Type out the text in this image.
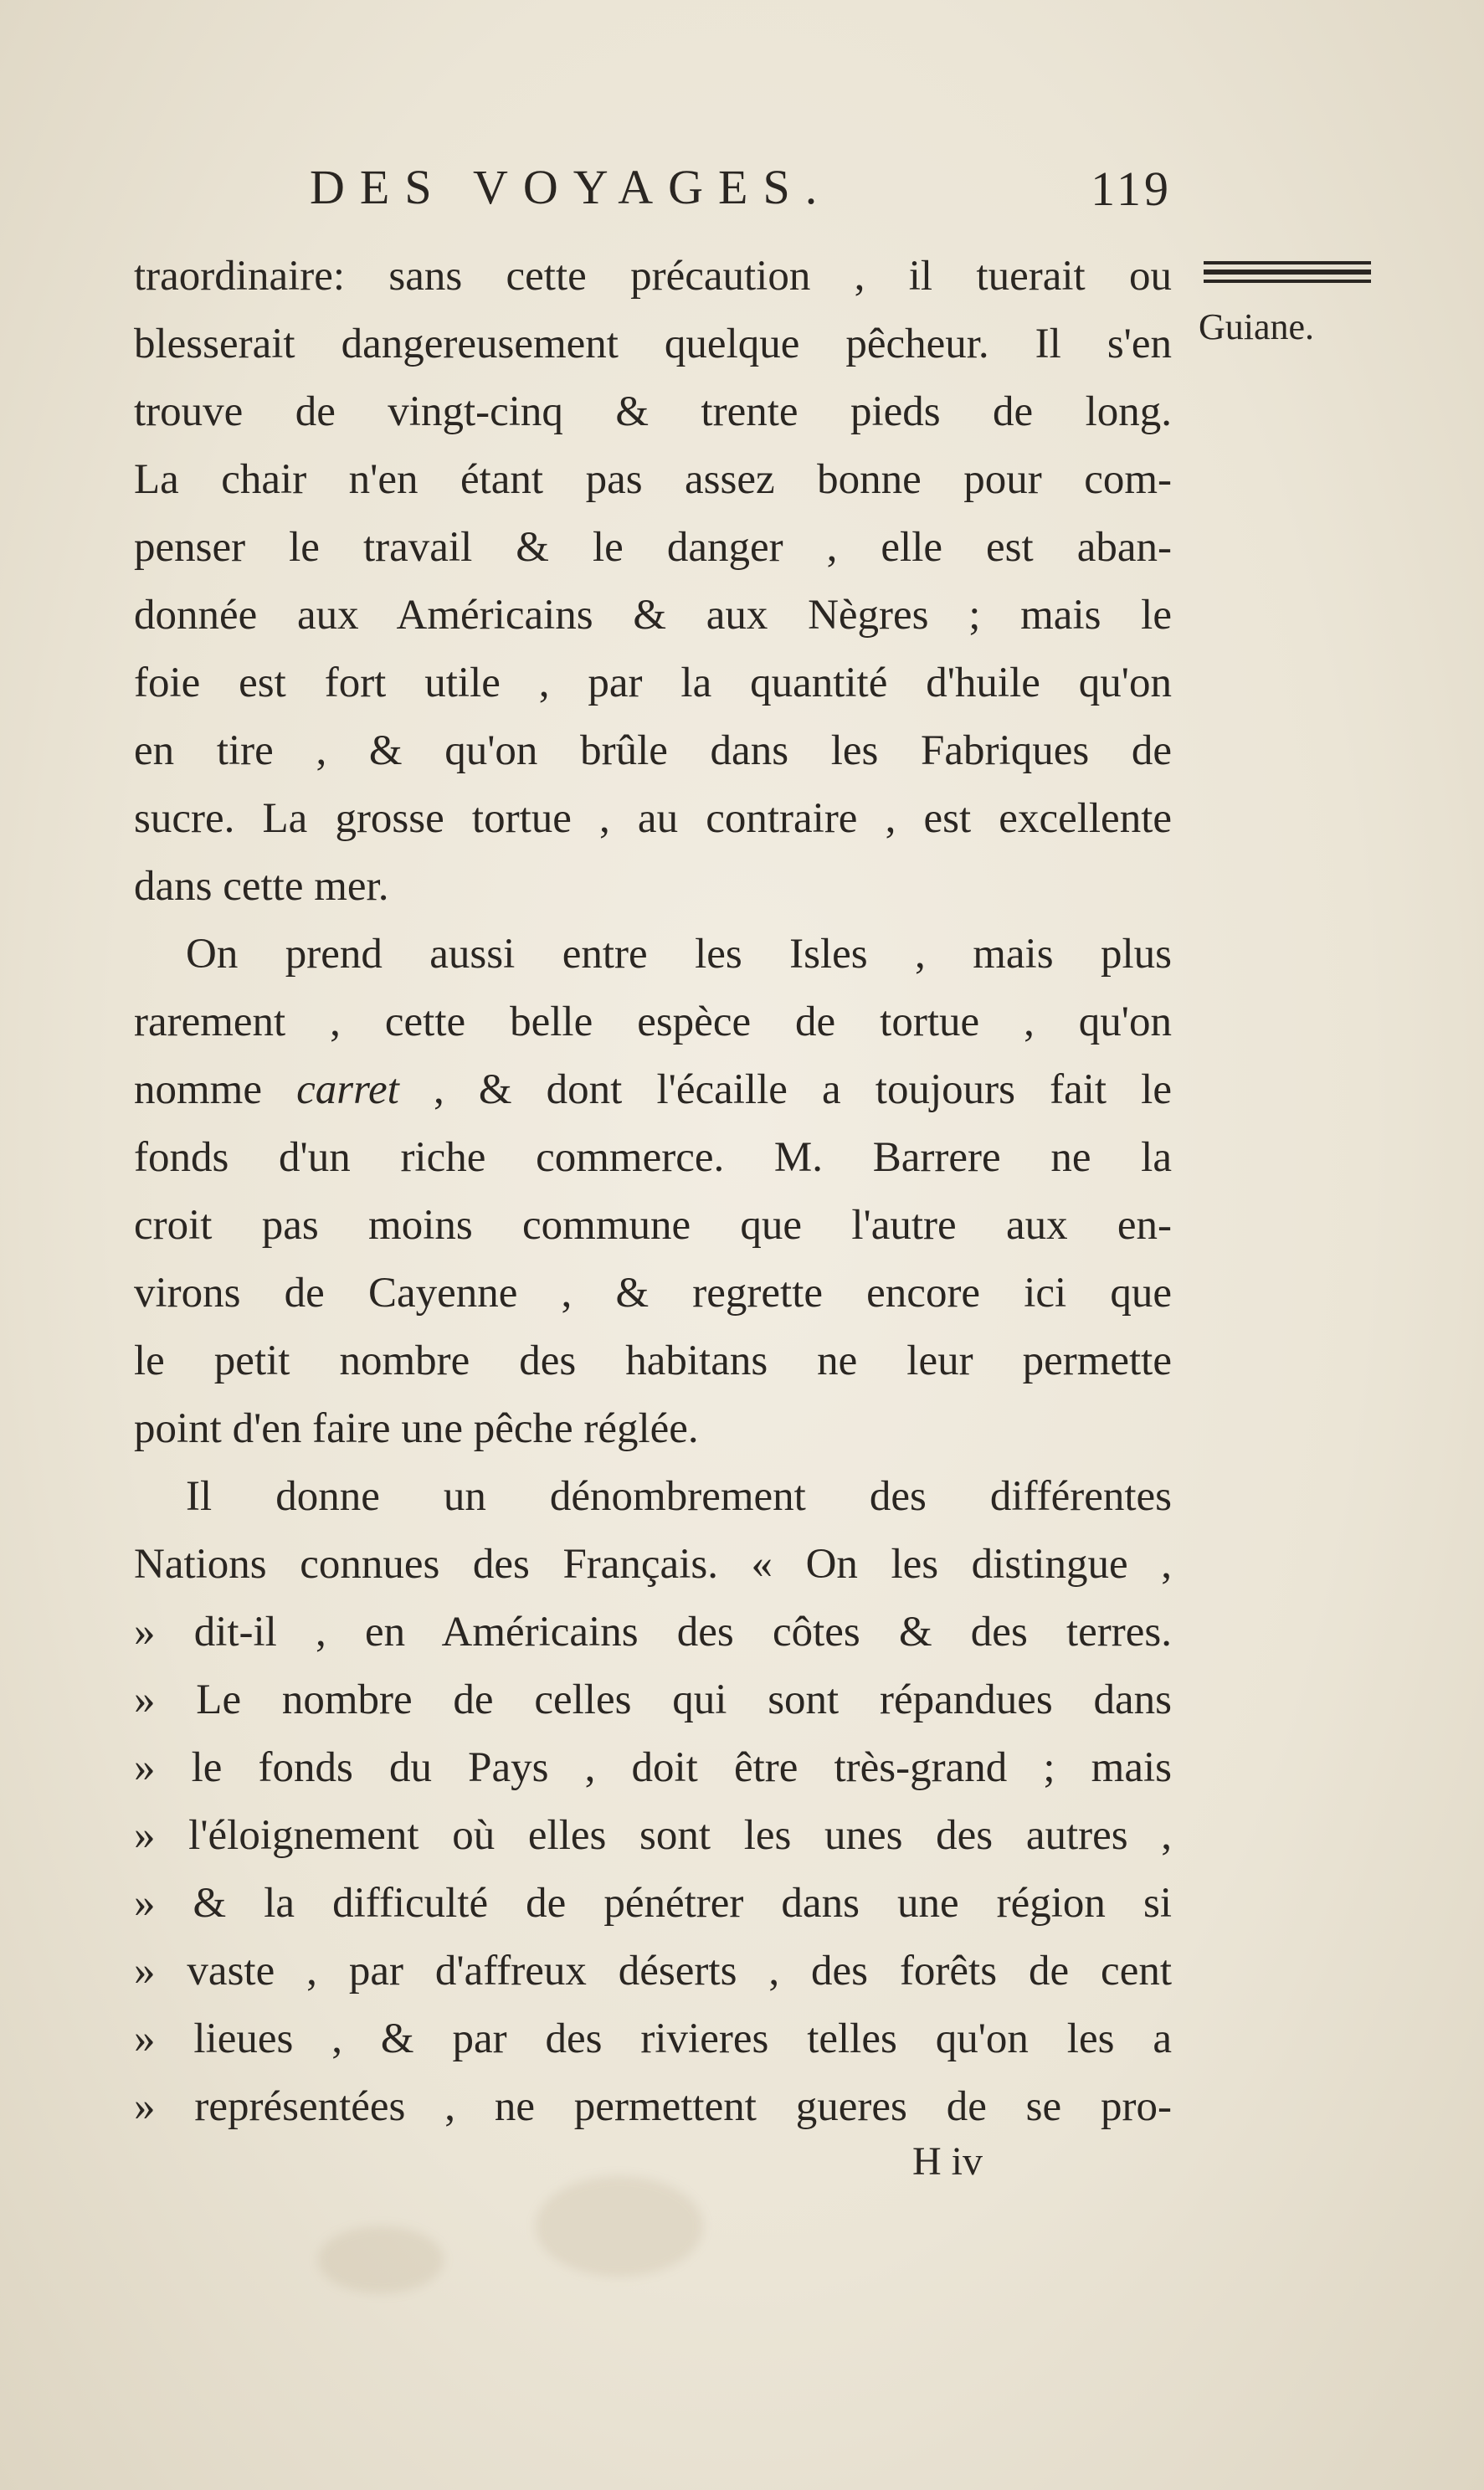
DES VOYAGES.	119
Guiane.
traordinaire: sans cette précaution , il tuerait ou
blesserait dangereusement quelque pêcheur. Il s'en
trouve de vingt-cinq & trente pieds de long.
La chair n'en étant pas assez bonne pour com-
penser le travail & le danger , elle est aban-
donnée aux Américains & aux Nègres ; mais le
foie est fort utile , par la quantité d'huile qu'on
en tire , & qu'on brûle dans les Fabriques de
sucre. La grosse tortue , au contraire , est excellente
dans cette mer.
On prend aussi entre les Isles , mais plus
rarement , cette belle espèce de tortue , qu'on
nomme carret , & dont l'écaille a toujours fait le
fonds d'un riche commerce. M. Barrere ne la
croit pas moins commune que l'autre aux en-
virons de Cayenne , & regrette encore ici que
le petit nombre des habitans ne leur permette
point d'en faire une pêche réglée.
Il donne un dénombrement des différentes
Nations connues des Français. « On les distingue ,
» dit-il , en Américains des côtes & des terres.
» Le nombre de celles qui sont répandues dans
» le fonds du Pays , doit être très-grand ; mais
» l'éloignement où elles sont les unes des autres ,
» & la difficulté de pénétrer dans une région si
» vaste , par d'affreux déserts , des forêts de cent
» lieues , & par des rivieres telles qu'on les a
» représentées , ne permettent gueres de se pro-
H iv
